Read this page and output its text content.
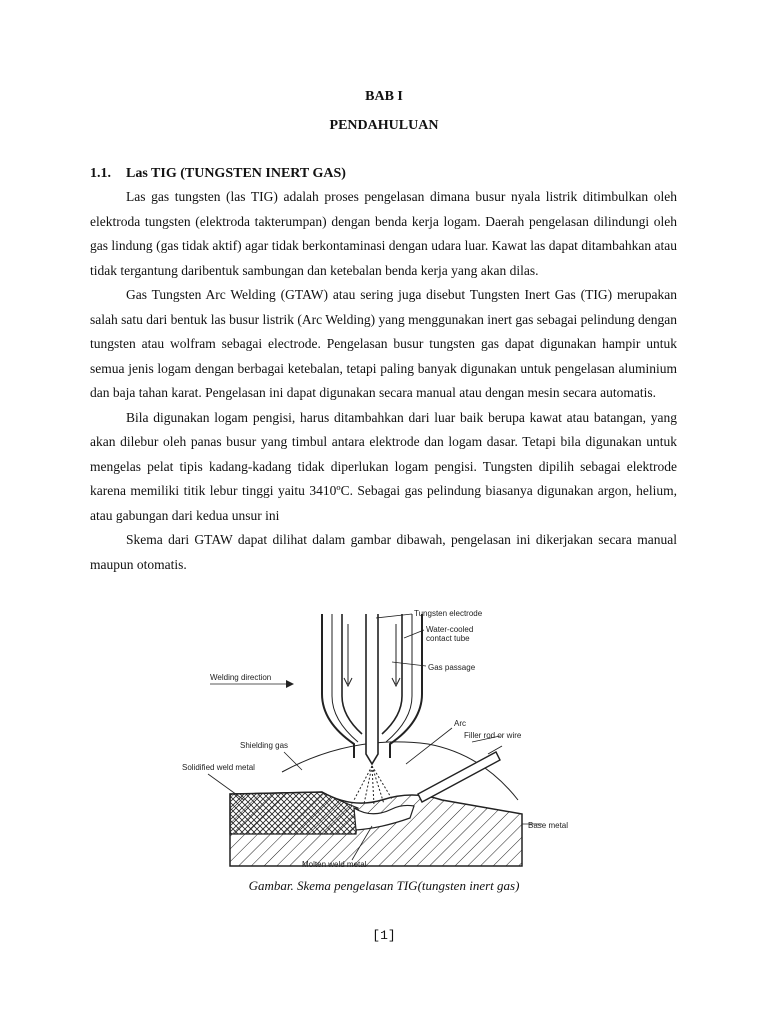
BAB I
PENDAHULUAN
1.1. Las TIG (TUNGSTEN INERT GAS)

Las gas tungsten (las TIG) adalah proses pengelasan dimana busur nyala listrik ditimbulkan oleh elektroda tungsten (elektroda takterumpan) dengan benda kerja logam. Daerah pengelasan dilindungi oleh gas lindung (gas tidak aktif) agar tidak berkontaminasi dengan udara luar. Kawat las dapat ditambahkan atau tidak tergantung daribentuk sambungan dan ketebalan benda kerja yang akan dilas.

Gas Tungsten Arc Welding (GTAW) atau sering juga disebut Tungsten Inert Gas (TIG) merupakan salah satu dari bentuk las busur listrik (Arc Welding) yang menggunakan inert gas sebagai pelindung dengan tungsten atau wolfram sebagai electrode. Pengelasan busur tungsten gas dapat digunakan hampir untuk semua jenis logam dengan berbagai ketebalan, tetapi paling banyak digunakan untuk pengelasan aluminium dan baja tahan karat. Pengelasan ini dapat digunakan secara manual atau dengan mesin secara automatis.

Bila digunakan logam pengisi, harus ditambahkan dari luar baik berupa kawat atau batangan, yang akan dilebur oleh panas busur yang timbul antara elektrode dan logam dasar. Tetapi bila digunakan untuk mengelas pelat tipis kadang-kadang tidak diperlukan logam pengisi. Tungsten dipilih sebagai elektrode karena memiliki titik lebur tinggi yaitu 3410ºC. Sebagai gas pelindung biasanya digunakan argon, helium, atau gabungan dari kedua unsur ini

Skema dari GTAW dapat dilihat dalam gambar dibawah, pengelasan ini dikerjakan secara manual maupun otomatis.

Tungsten electrode
Water-cooled
contact tube
Gas passage
Welding direction
Arc
Filler rod or wire
Shielding gas
Solidified weld metal
Base metal
Molten weld metal
Gambar. Skema pengelasan TIG(tungsten inert gas)
[1]
